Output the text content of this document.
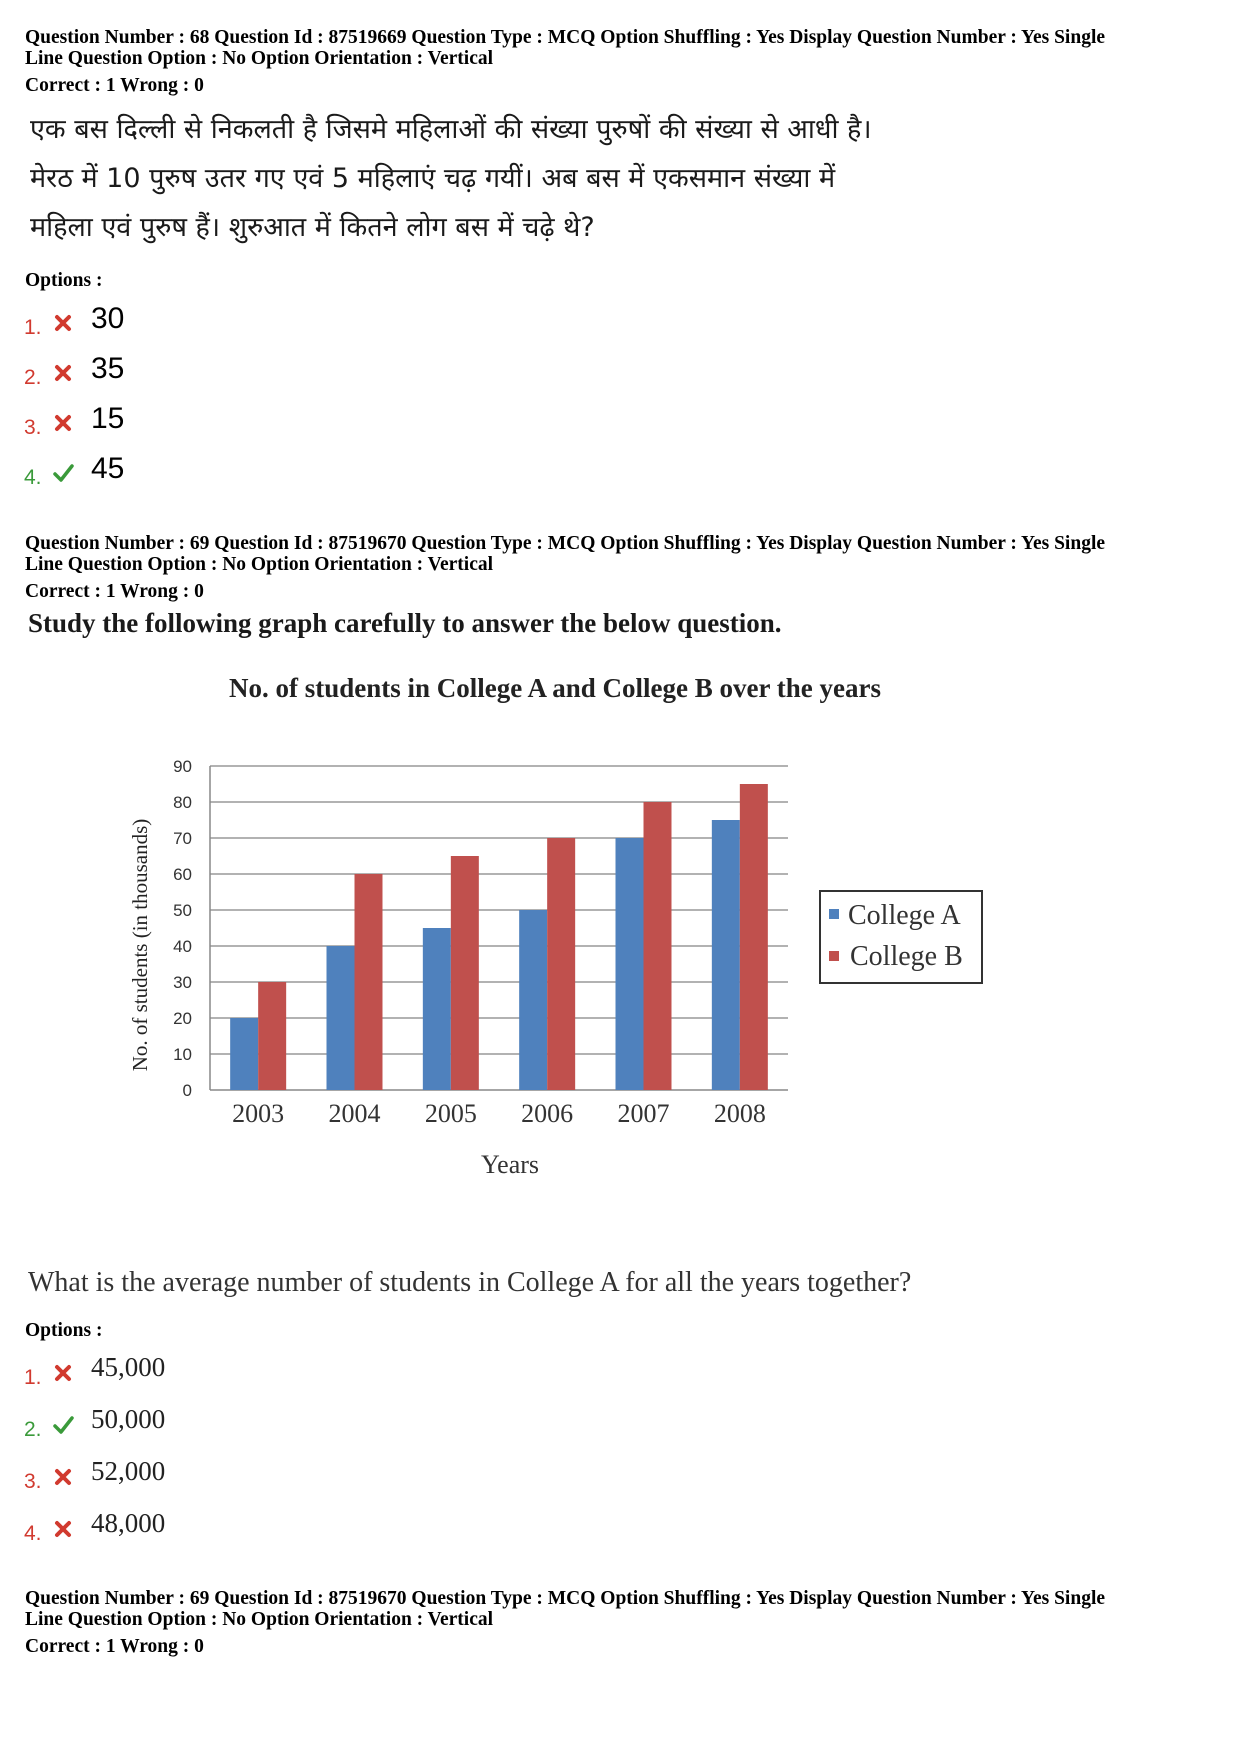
Question Number : 68 Question Id : 87519669 Question Type : MCQ Option Shuffling : Yes Display Question Number : Yes Single
Line Question Option : No Option Orientation : Vertical
Correct : 1 Wrong : 0
एक बस दिल्ली से निकलती है जिसमे महिलाओं की संख्या पुरुषों की संख्या से आधी है।
मेरठ में 10 पुरुष उतर गए एवं 5 महिलाएं चढ़ गयीं। अब बस में एकसमान संख्या में
महिला एवं पुरुष हैं। शुरुआत में कितने लोग बस में चढ़े थे?
Options :
1. 30
2. 35
3. 15
4. 45
Question Number : 69 Question Id : 87519670 Question Type : MCQ Option Shuffling : Yes Display Question Number : Yes Single
Line Question Option : No Option Orientation : Vertical
Correct : 1 Wrong : 0
Study the following graph carefully to answer the below question.
No. of students in College A and College B over the years
0
10
20
30
40
50
60
70
80
90
2003 2004 2005 2006 2007 2008
Years
No. of students (in thousands)	College A
College B
What is the average number of students in College A for all the years together?
Options :
1. 45,000
2. 50,000
3. 52,000
4. 48,000
Question Number : 69 Question Id : 87519670 Question Type : MCQ Option Shuffling : Yes Display Question Number : Yes Single
Line Question Option : No Option Orientation : Vertical
Correct : 1 Wrong : 0
